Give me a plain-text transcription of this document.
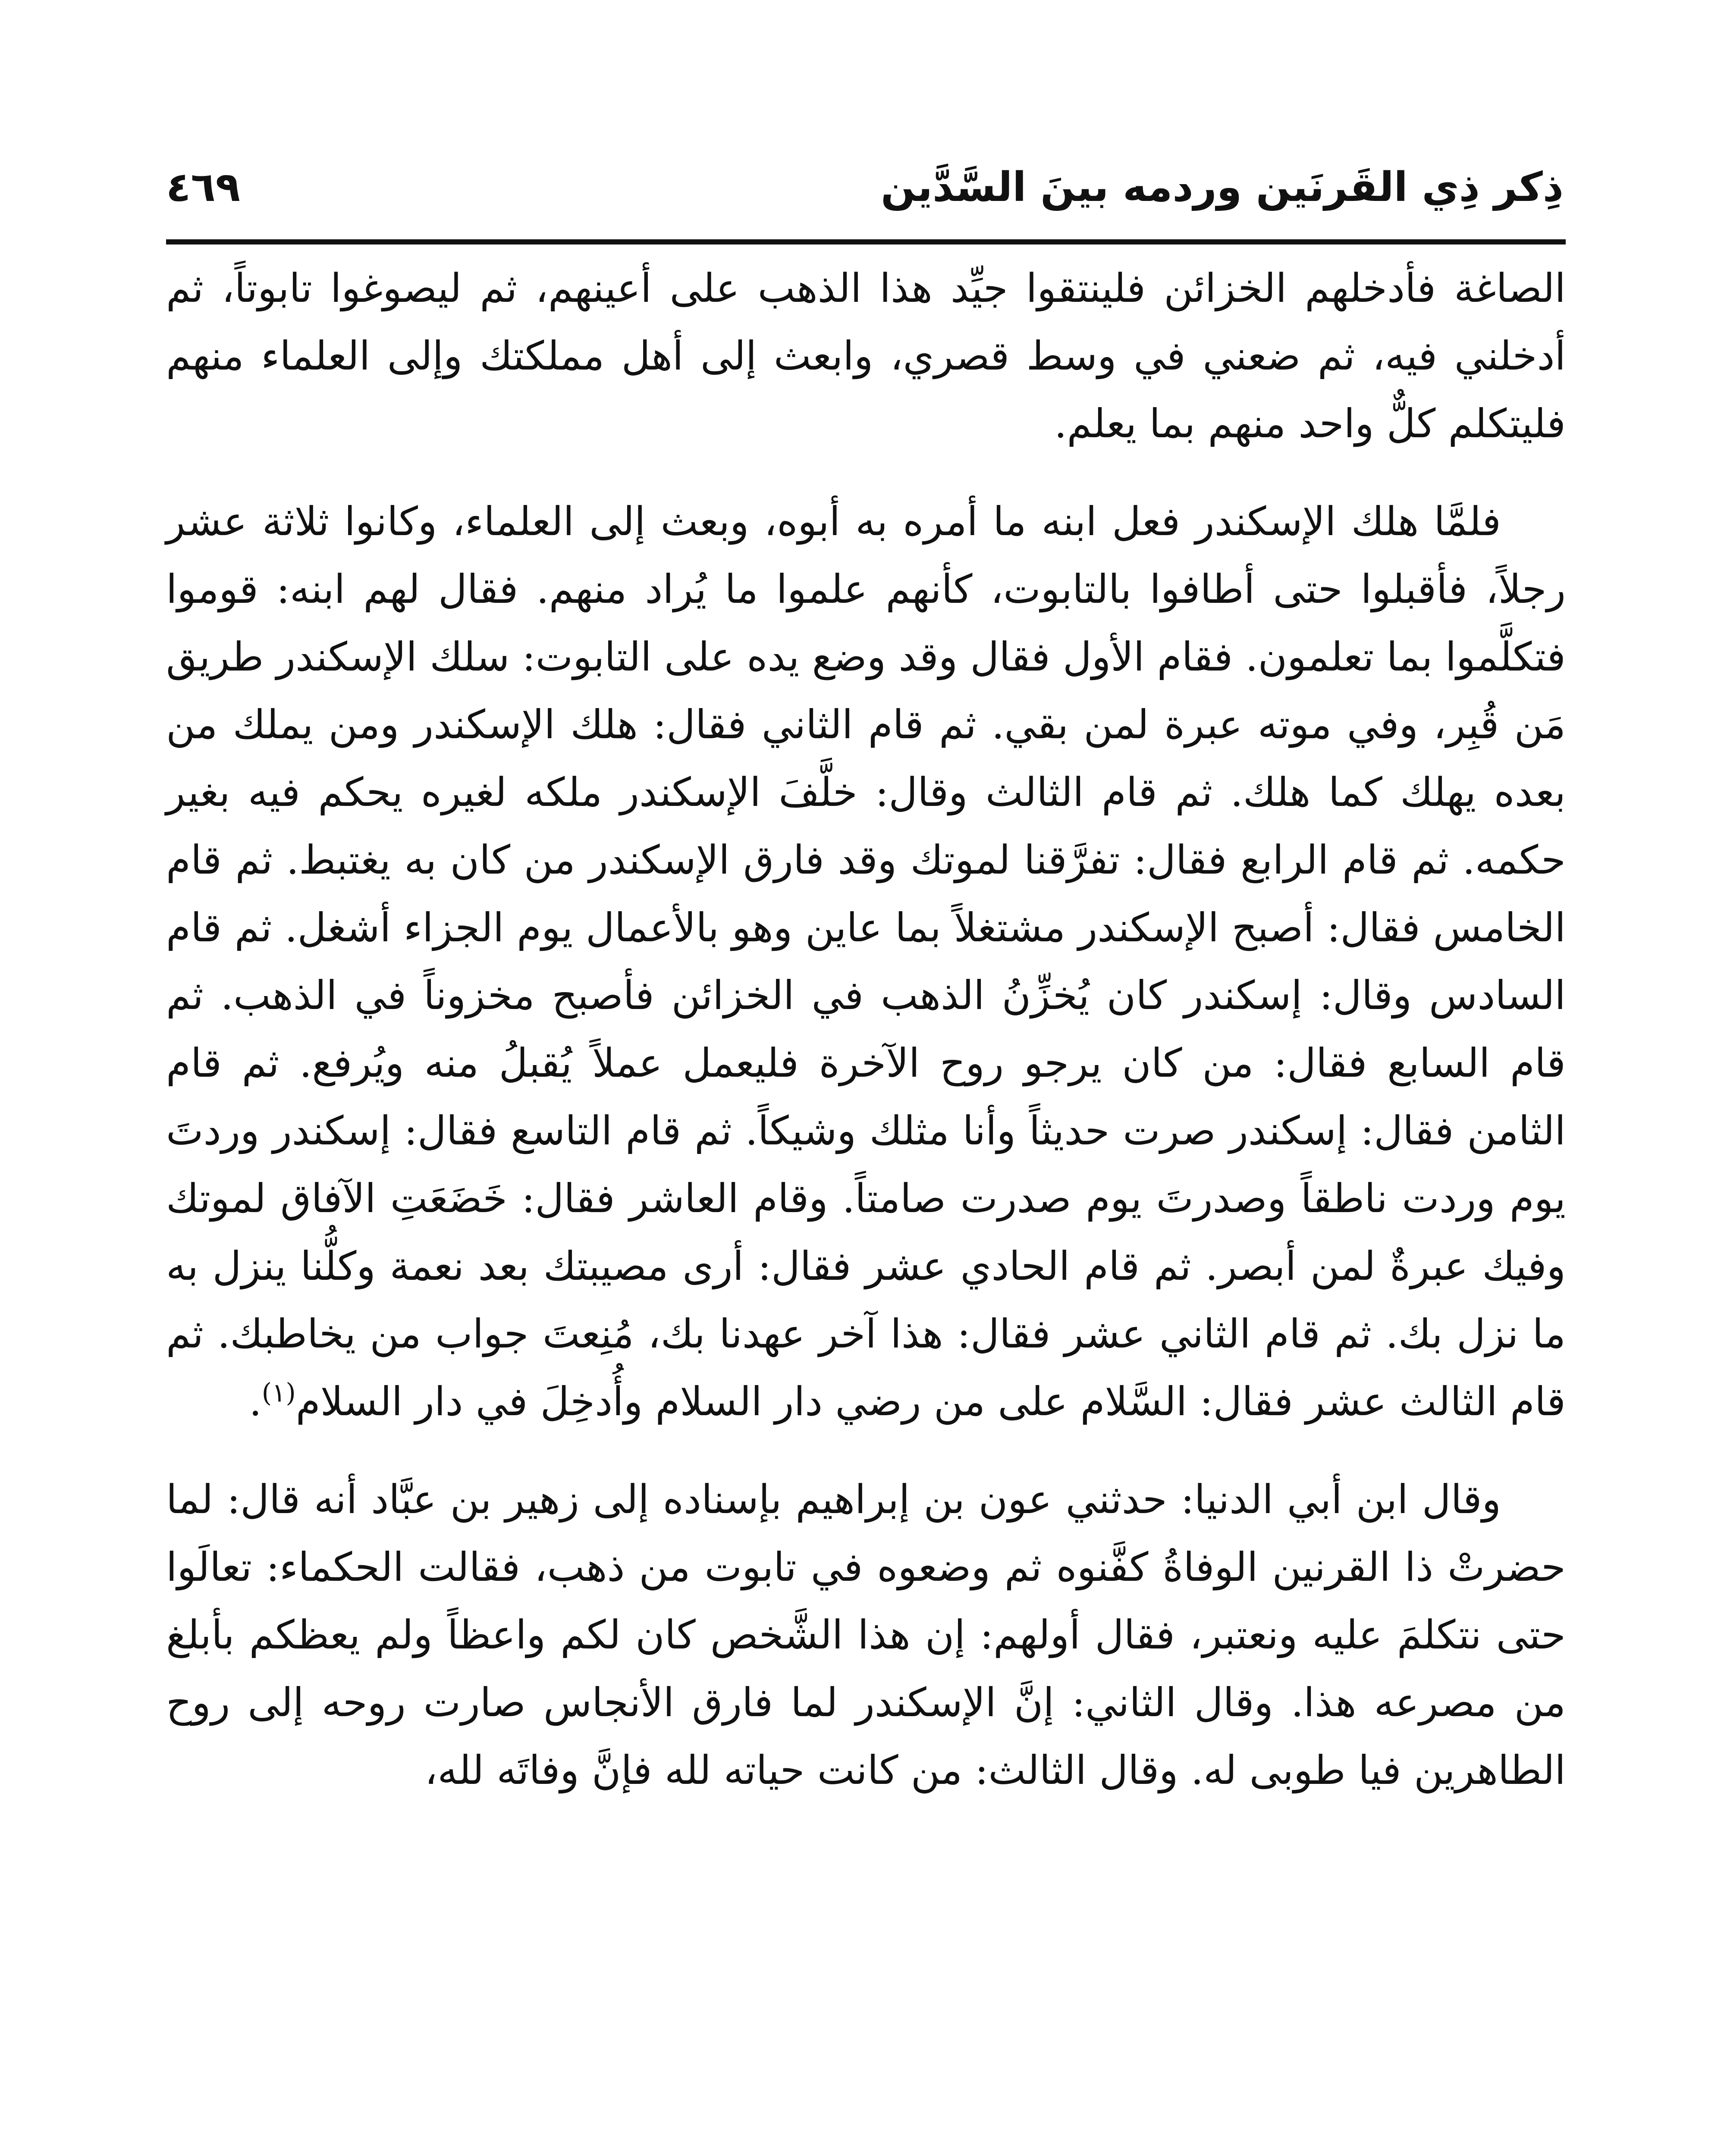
ذِكر ذِي القَرنَين وردمه بينَ السَّدَّين
٤٦٩

الصاغة فأدخلهم الخزائن فلينتقوا جيِّد هذا الذهب على أعينهم، ثم ليصوغوا تابوتاً، ثم أدخلني فيه، ثم ضعني في وسط قصري، وابعث إلى أهل مملكتك وإلى العلماء منهم فليتكلم كلٌّ واحد منهم بما يعلم.

فلمَّا هلك الإسكندر فعل ابنه ما أمره به أبوه، وبعث إلى العلماء، وكانوا ثلاثة عشر رجلاً، فأقبلوا حتى أطافوا بالتابوت، كأنهم علموا ما يُراد منهم. فقال لهم ابنه: قوموا فتكلَّموا بما تعلمون. فقام الأول فقال وقد وضع يده على التابوت: سلك الإسكندر طريق مَن قُبِر، وفي موته عبرة لمن بقي. ثم قام الثاني فقال: هلك الإسكندر ومن يملك من بعده يهلك كما هلك. ثم قام الثالث وقال: خلَّفَ الإسكندر ملكه لغيره يحكم فيه بغير حكمه. ثم قام الرابع فقال: تفرَّقنا لموتك وقد فارق الإسكندر من كان به يغتبط. ثم قام الخامس فقال: أصبح الإسكندر مشتغلاً بما عاين وهو بالأعمال يوم الجزاء أشغل. ثم قام السادس وقال: إسكندر كان يُخزِّنُ الذهب في الخزائن فأصبح مخزوناً في الذهب. ثم قام السابع فقال: من كان يرجو روح الآخرة فليعمل عملاً يُقبلُ منه ويُرفع. ثم قام الثامن فقال: إسكندر صرت حديثاً وأنا مثلك وشيكاً. ثم قام التاسع فقال: إسكندر وردتَ يوم وردت ناطقاً وصدرتَ يوم صدرت صامتاً. وقام العاشر فقال: خَضَعَتِ الآفاق لموتك وفيك عبرةٌ لمن أبصر. ثم قام الحادي عشر فقال: أرى مصيبتك بعد نعمة وكلُّنا ينزل به ما نزل بك. ثم قام الثاني عشر فقال: هذا آخر عهدنا بك، مُنِعتَ جواب من يخاطبك. ثم قام الثالث عشر فقال: السَّلام على من رضي دار السلام وأُدخِلَ في دار السلام$^{(١)}$.

وقال ابن أبي الدنيا: حدثني عون بن إبراهيم بإسناده إلى زهير بن عبَّاد أنه قال: لما حضرتْ ذا القرنين الوفاةُ كفَّنوه ثم وضعوه في تابوت من ذهب، فقالت الحكماء: تعالَوا حتى نتكلمَ عليه ونعتبر، فقال أولهم: إن هذا الشَّخص كان لكم واعظاً ولم يعظكم بأبلغ من مصرعه هذا. وقال الثاني: إنَّ الإسكندر لما فارق الأنجاس صارت روحه إلى روح الطاهرين فيا طوبى له. وقال الثالث: من كانت حياته لله فإنَّ وفاتَه لله،
